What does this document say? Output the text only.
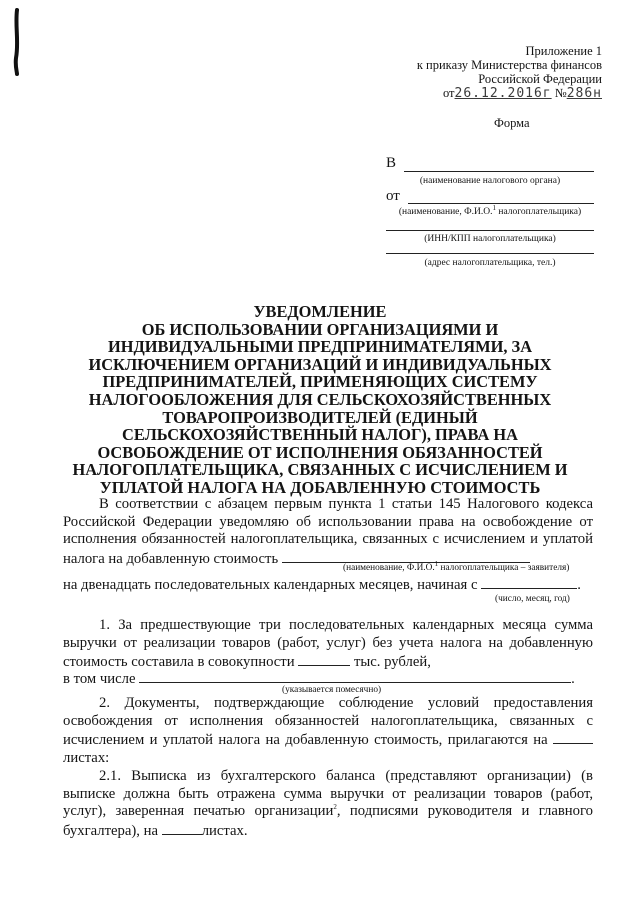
Приложение 1
к приказу Министерства финансов
Российской Федерации
от26.12.2016г №286н
Форма
В
(наименование налогового органа)
от
(наименование, Ф.И.О.$^1$ налогоплательщика)
(ИНН/КПП налогоплательщика)
(адрес налогоплательщика, тел.)
УВЕДОМЛЕНИЕ
ОБ ИСПОЛЬЗОВАНИИ ОРГАНИЗАЦИЯМИ И ИНДИВИДУАЛЬНЫМИ ПРЕДПРИНИМАТЕЛЯМИ, ЗА ИСКЛЮЧЕНИЕМ ОРГАНИЗАЦИЙ И ИНДИВИДУАЛЬНЫХ ПРЕДПРИНИМАТЕЛЕЙ, ПРИМЕНЯЮЩИХ СИСТЕМУ НАЛОГООБЛОЖЕНИЯ ДЛЯ СЕЛЬСКОХОЗЯЙСТВЕННЫХ ТОВАРОПРОИЗВОДИТЕЛЕЙ (ЕДИНЫЙ СЕЛЬСКОХОЗЯЙСТВЕННЫЙ НАЛОГ), ПРАВА НА ОСВОБОЖДЕНИЕ ОТ ИСПОЛНЕНИЯ ОБЯЗАННОСТЕЙ НАЛОГОПЛАТЕЛЬЩИКА, СВЯЗАННЫХ С ИСЧИСЛЕНИЕМ И УПЛАТОЙ НАЛОГА НА ДОБАВЛЕННУЮ СТОИМОСТЬ
В соответствии с абзацем первым пункта 1 статьи 145 Налогового кодекса Российской Федерации уведомляю об использовании права на освобождение от исполнения обязанностей налогоплательщика, связанных с исчислением и уплатой налога на добавленную стоимость
(наименование, Ф.И.О.$^1$ налогоплательщика – заявителя)
на двенадцать последовательных календарных месяцев, начиная с	.
(число, месяц, год)
1. За предшествующие три последовательных календарных месяца сумма выручки от реализации товаров (работ, услуг) без учета налога на добавленную стоимость составила в совокупности	тыс. рублей,
в том числе	.
(указывается помесячно)
2. Документы, подтверждающие соблюдение условий предоставления освобождения от исполнения обязанностей налогоплательщика, связанных с исчислением и уплатой налога на добавленную стоимость, прилагаются на  листах:
2.1. Выписка из бухгалтерского баланса (представляют организации) (в выписке должна быть отражена сумма выручки от реализации товаров (работ, услуг), заверенная печатью организации$^2$, подписями руководителя и главного бухгалтера), на	листах.
